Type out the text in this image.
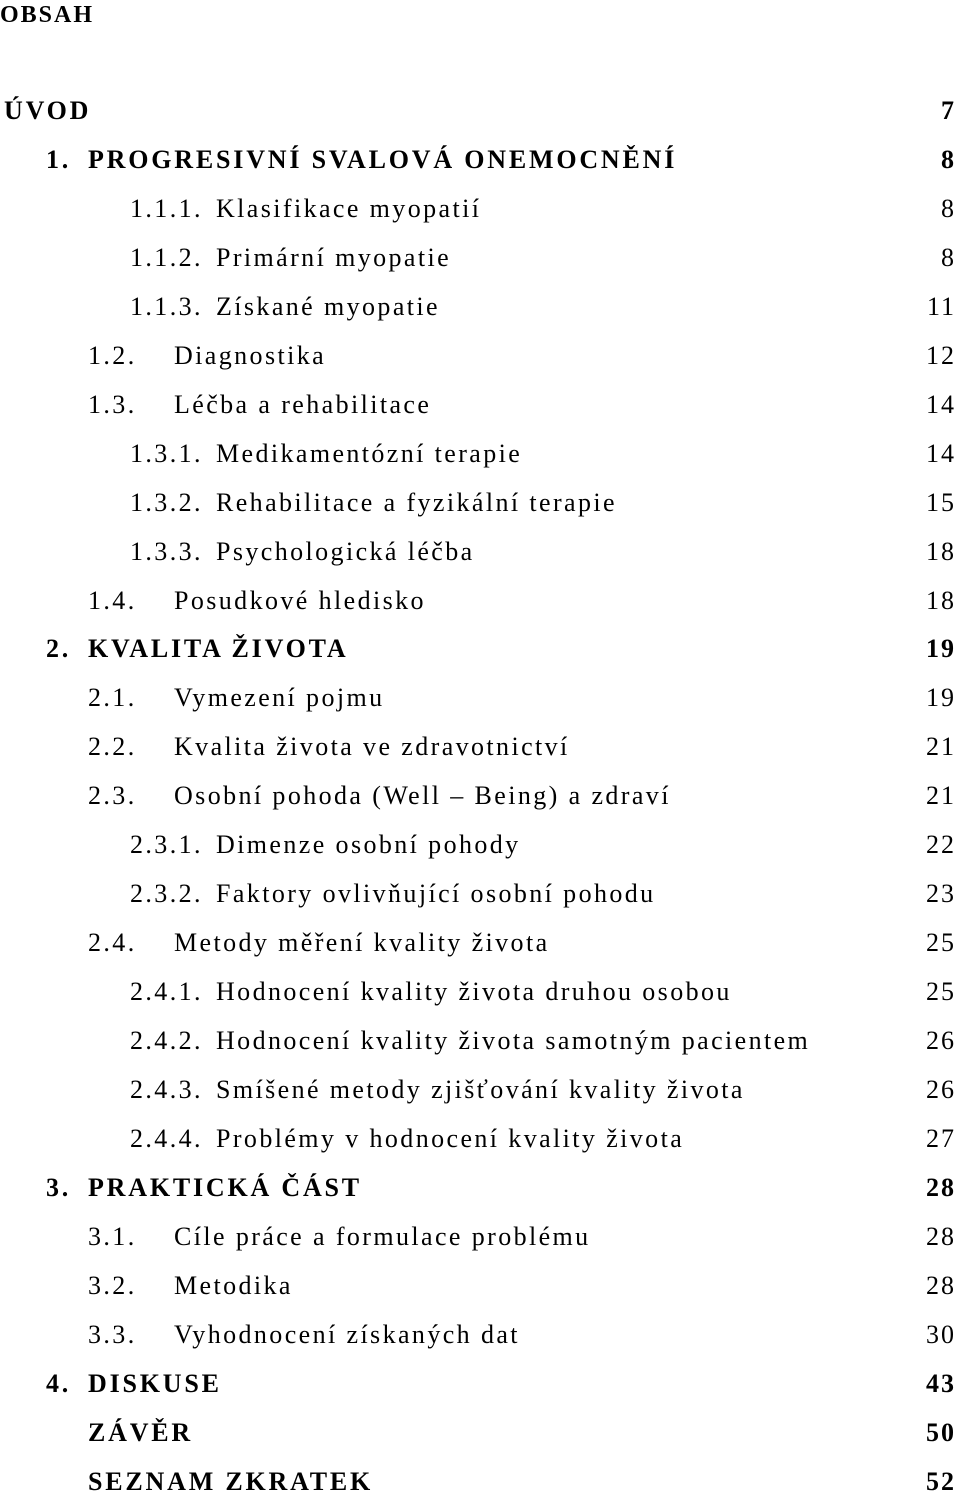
OBSAH
ÚVOD	7
1. PROGRESIVNÍ SVALOVÁ ONEMOCNĚNÍ	8
1.1.1. Klasifikace myopatií	8
1.1.2. Primární myopatie	8
1.1.3. Získané myopatie	11
1.2. Diagnostika	12
1.3. Léčba a rehabilitace	14
1.3.1. Medikamentózní terapie	14
1.3.2. Rehabilitace a fyzikální terapie	15
1.3.3. Psychologická léčba	18
1.4. Posudkové hledisko	18
2. KVALITA ŽIVOTA	19
2.1. Vymezení pojmu	19
2.2. Kvalita života ve zdravotnictví	21
2.3. Osobní pohoda (Well – Being) a zdraví	21
2.3.1. Dimenze osobní pohody	22
2.3.2. Faktory ovlivňující osobní pohodu	23
2.4. Metody měření kvality života	25
2.4.1. Hodnocení kvality života druhou osobou	25
2.4.2. Hodnocení kvality života samotným pacientem	26
2.4.3. Smíšené metody zjišťování kvality života	26
2.4.4. Problémy v hodnocení kvality života	27
3. PRAKTICKÁ ČÁST	28
3.1. Cíle práce a formulace problému	28
3.2. Metodika	28
3.3. Vyhodnocení získaných dat	30
4. DISKUSE	43
ZÁVĚR	50
SEZNAM ZKRATEK	52
